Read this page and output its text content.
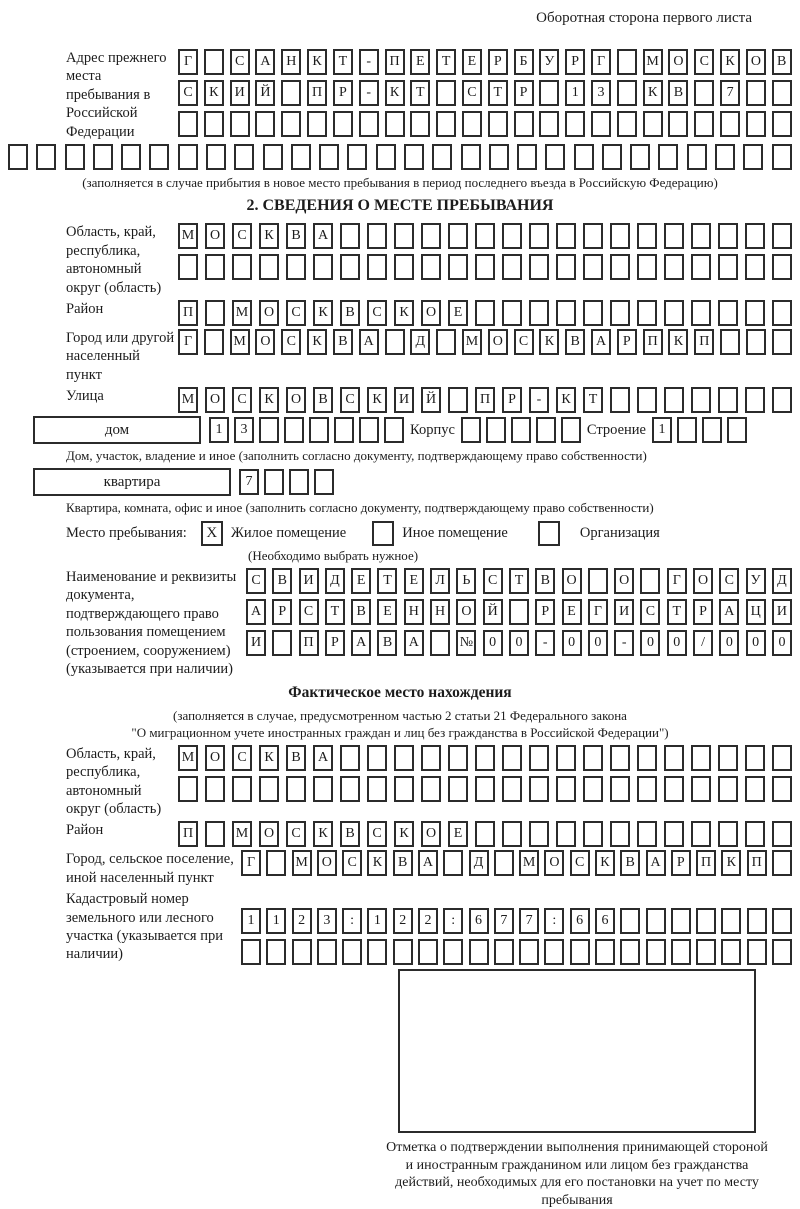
Оборотная сторона первого листа
Адрес прежнего места пребывания в Российской Федерации
Г	С	А	Н	К	Т	-	П	Е	Т	Е	Р	Б	У	Р	Г	М	О	С	К	О	В
С	К	И	Й	П	Р	-	К	Т	С	Т	Р	1	3	К	В	7
(заполняется в случае прибытия в новое место пребывания в период последнего въезда в Российскую Федерацию)
2. СВЕДЕНИЯ О МЕСТЕ ПРЕБЫВАНИЯ
Область, край, республика, автономный округ (область)
М	О	С	К	В	А
Район	П	М	О	С	К	В	С	К	О	Е
Город или другой населенный пункт
Г	М	О	С	К	В	А	Д	М	О	С	К	В	А	Р	П	К	П
Улица	М	О	С	К	О	В	С	К	И	Й	П	Р	-	К	Т
дом	1	3	Корпус	Строение 1
Дом, участок, владение и иное (заполнить согласно документу, подтверждающему право собственности)
квартира	7
Квартира, комната, офис и иное (заполнить согласно документу, подтверждающему право собственности)
Место пребывания:	X Жилое помещение	Иное помещение	Организация
(Необходимо выбрать нужное)
Наименование и реквизиты документа, подтверждающего право пользования помещением (строением, сооружением) (указывается при наличии)
С	В	И	Д	Е	Т	Е	Л	Ь	С	Т	В	О	О	Г	О	С	У	Д
А	Р	С	Т	В	Е	Н	Н	О	Й	Р	Е	Г	И	С	Т	Р	А	Ц	И
И	П	Р	А	В	А	№	0	0	-	0	0	-	0	0	/	0	0	0
Фактическое место нахождения
(заполняется в случае, предусмотренном частью 2 статьи 21 Федерального закона
"О миграционном учете иностранных граждан и лиц без гражданства в Российской Федерации")
Область, край, республика, автономный округ (область)
М	О	С	К	В	А
Район	П	М	О	С	К	В	С	К	О	Е
Город, сельское поселение, иной населенный пункт
Г	М	О	С	К	В	А	Д	М	О	С	К	В	А	Р	П	К	П
Кадастровый номер земельного или лесного участка (указывается при наличии)
1	1	2	3	:	1	2	2	:	6	7	7	:	6	6
Отметка о подтверждении выполнения принимающей стороной и иностранным гражданином или лицом без гражданства действий, необходимых для его постановки на учет по месту пребывания
